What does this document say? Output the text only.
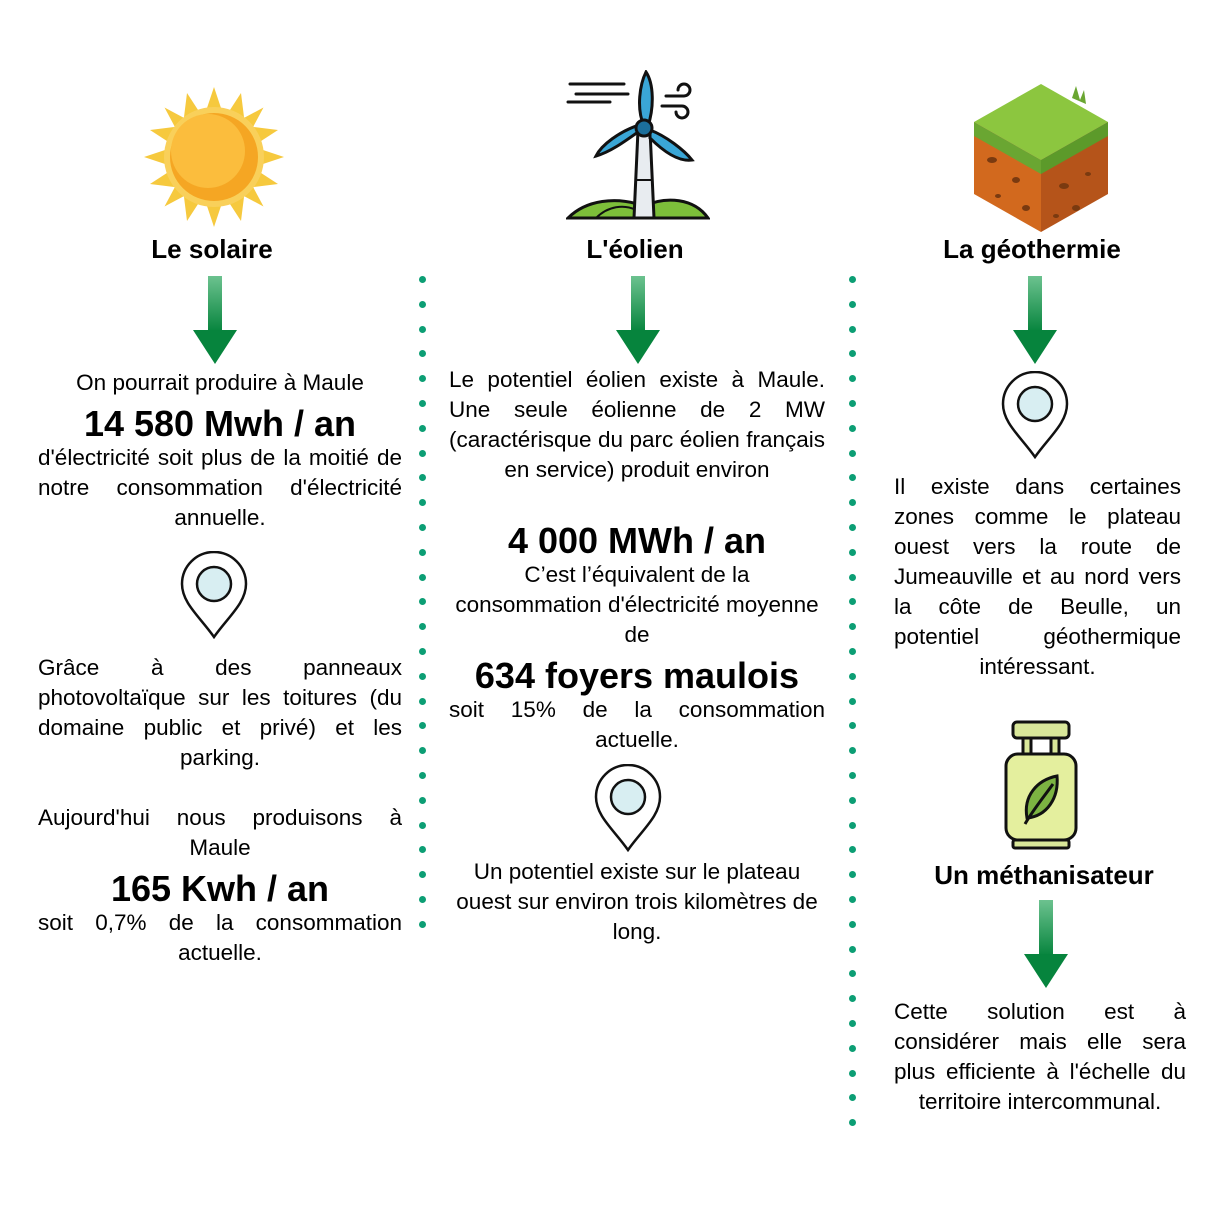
Le solaire
On pourrait produire à Maule
14 580 Mwh / an
d'électricité soit plus de la moitié de notre consommation d'électricité annuelle.
Grâce à des panneaux photovoltaïque sur les toitures (du domaine public et privé) et les parking.
Aujourd'hui nous produisons à Maule
165 Kwh / an
soit 0,7% de la consommation actuelle.
L'éolien
Le potentiel éolien existe à Maule. Une seule éolienne de 2 MW (caractérisque du parc éolien français en service) produit environ
4 000 MWh / an
C’est l’équivalent de la consommation d'électricité moyenne de
634 foyers maulois
soit 15% de la consommation actuelle.
Un potentiel existe sur le plateau ouest sur environ trois kilomètres de long.
La géothermie
Il existe dans certaines zones comme le plateau ouest vers la route de Jumeauville et au nord vers la côte de Beulle, un potentiel géothermique intéressant.
Un méthanisateur
Cette solution est à considérer mais elle sera plus efficiente à l'échelle du territoire intercommunal.
